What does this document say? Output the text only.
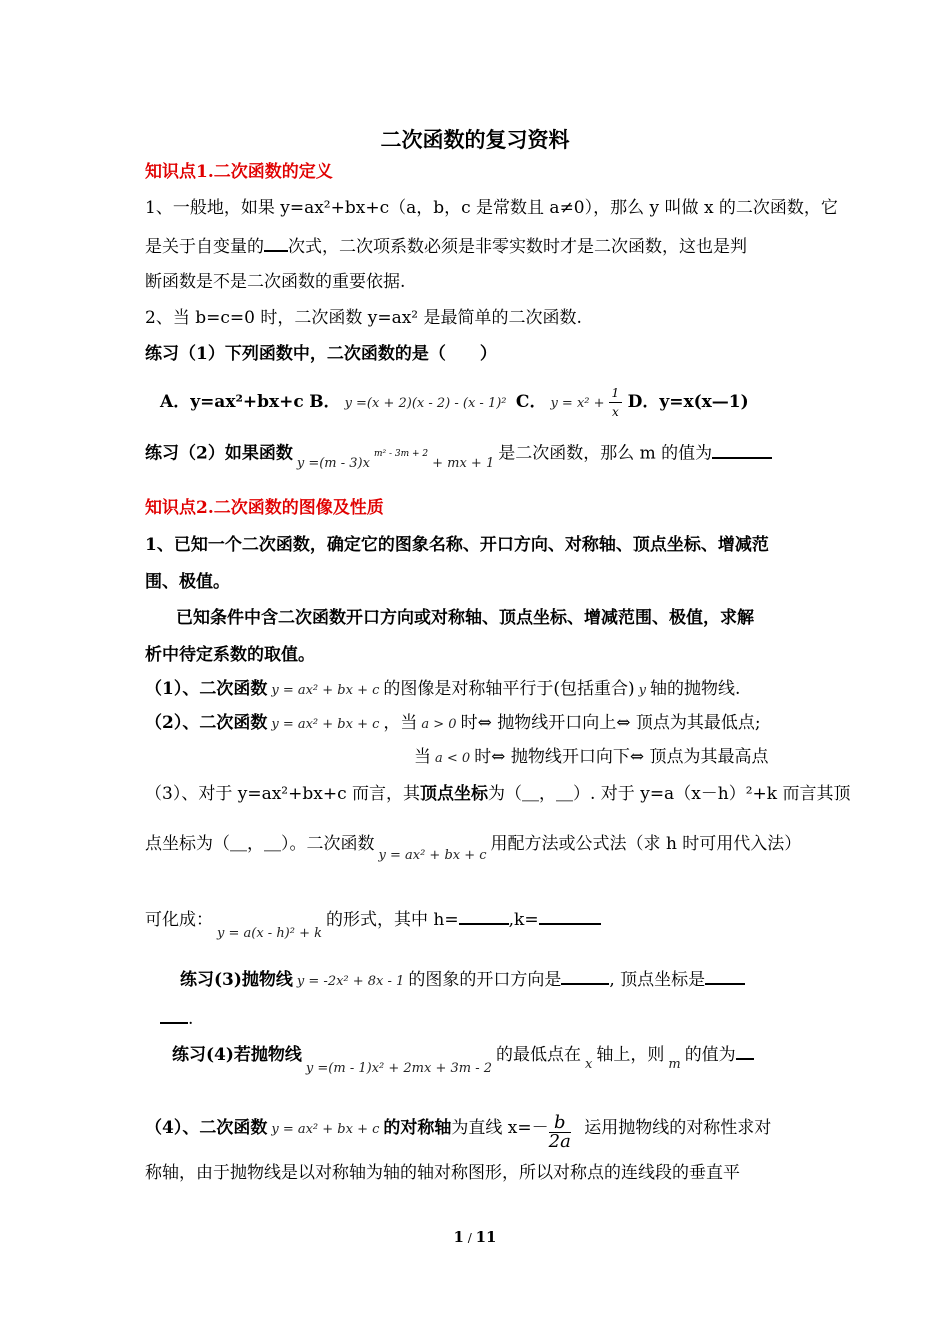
二次函数的复习资料
知识点1.二次函数的定义
1、一般地，如果 y=ax²+bx+c（a，b，c 是常数且 a≠0），那么 y 叫做 x 的二次函数，它
是关于自变量的 次式，二次项系数必须是非零实数时才是二次函数，这也是判
断函数是不是二次函数的重要依据.
2、当 b=c=0 时，二次函数 y=ax² 是最简单的二次函数.
练习（1）下列函数中，二次函数的是（　　）
A．y=ax²+bx+c B． y =(x + 2)(x - 2) - (x - 1)² C． $y = x^2 + \frac{1}{x}$ D．y=x(x—1)
练习（2）如果函数 $_{y =(m - 3)x}^{m^2 - 3m + 2}_{+ mx + 1}$ 是二次函数，那么 m 的值为
知识点2.二次函数的图像及性质
1、已知一个二次函数，确定它的图象名称、开口方向、对称轴、顶点坐标、增减范
围、极值。
已知条件中含二次函数开口方向或对称轴、顶点坐标、增减范围、极值，求解
析中待定系数的取值。
（1）、二次函数 y = ax² + bx + c 的图像是对称轴平行于(包括重合) y 轴的抛物线.
（2）、二次函数 y = ax² + bx + c ，当 a > 0 时⇔ 抛物线开口向上⇔ 顶点为其最低点;
当 a < 0 时⇔ 抛物线开口向下⇔ 顶点为其最高点
（3）、对于 y=ax²+bx+c 而言，其顶点坐标为（＿，＿）. 对于 y=a（x－h）²+k 而言其顶
点坐标为（＿，＿）。二次函数$_{y = ax^2 + bx + c}$用配方法或公式法（求 h 时可用代入法）
可化成：$_{y = a(x - h)^2 + k}$的形式，其中 h=	,k=
练习(3)抛物线 y = -2x² + 8x - 1 的图象的开口方向是	, 顶点坐标是
.
练习(4)若抛物线$_{y =(m - 1)x^2 + 2mx + 3m - 2}$的最低点在 $_x$ 轴上，则 $_m$ 的值为
（4）、二次函数 y = ax² + bx + c 的对称轴为直线 $x=- \frac{b}{2a}$ 运用抛物线的对称性求对
称轴，由于抛物线是以对称轴为轴的轴对称图形，所以对称点的连线段的垂直平
1 / 11
